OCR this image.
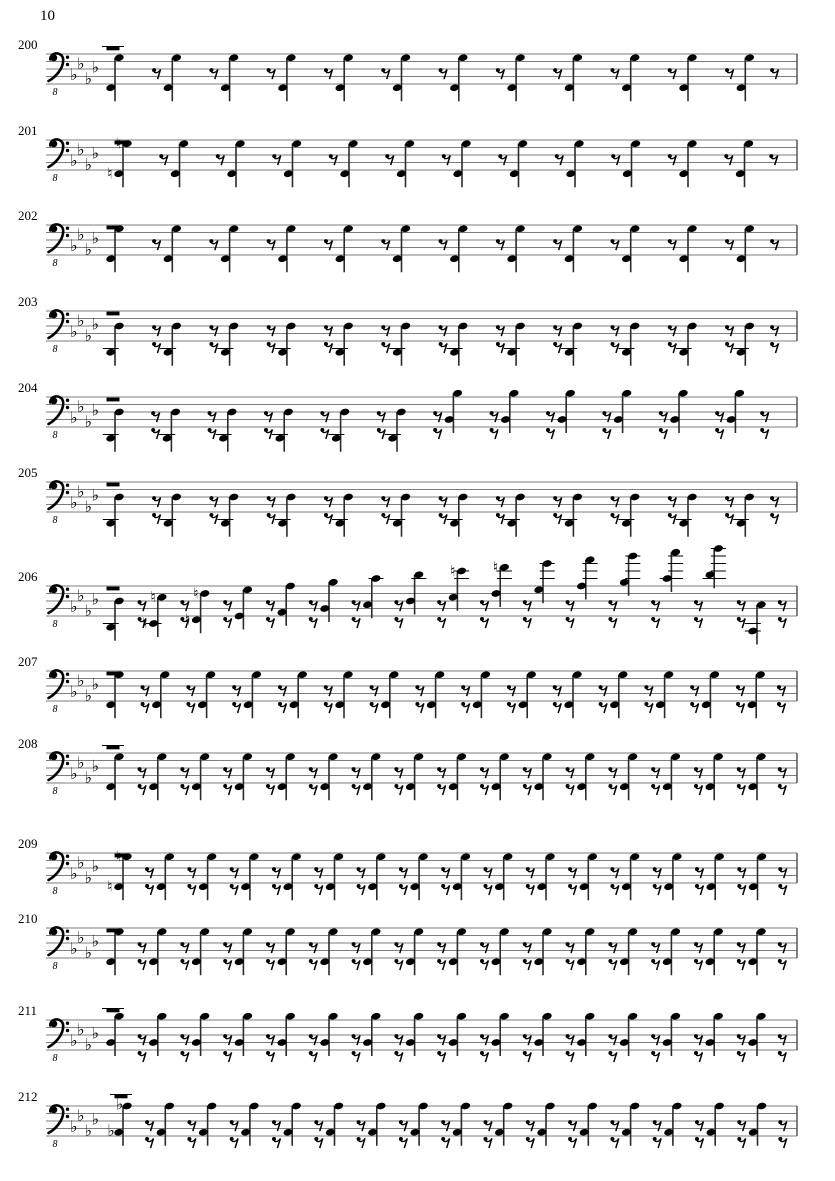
10
200
8
♭
♭
♭
♭
201
8
♭
♭
♭
♭ ♮
♮
202
8
♭
♭
♭
♭
203
8
♭
♭
♭
♭
204
8
♭
♭
♭
♭
205
8
♭
♭
♭
♭
206
8
♭
♭
♭
♭	♮
♮
♮
♮
♮ ♮
207
8
♭
♭
♭
♭
208
8
♭
♭
♭
♭
209
8
♭
♭
♭
♭ ♮
♮
210
8
♭
♭
♭
♭
211
8
♭
♭
♭
♭
212
8
♭
♭
♭
♭
♭
♭
